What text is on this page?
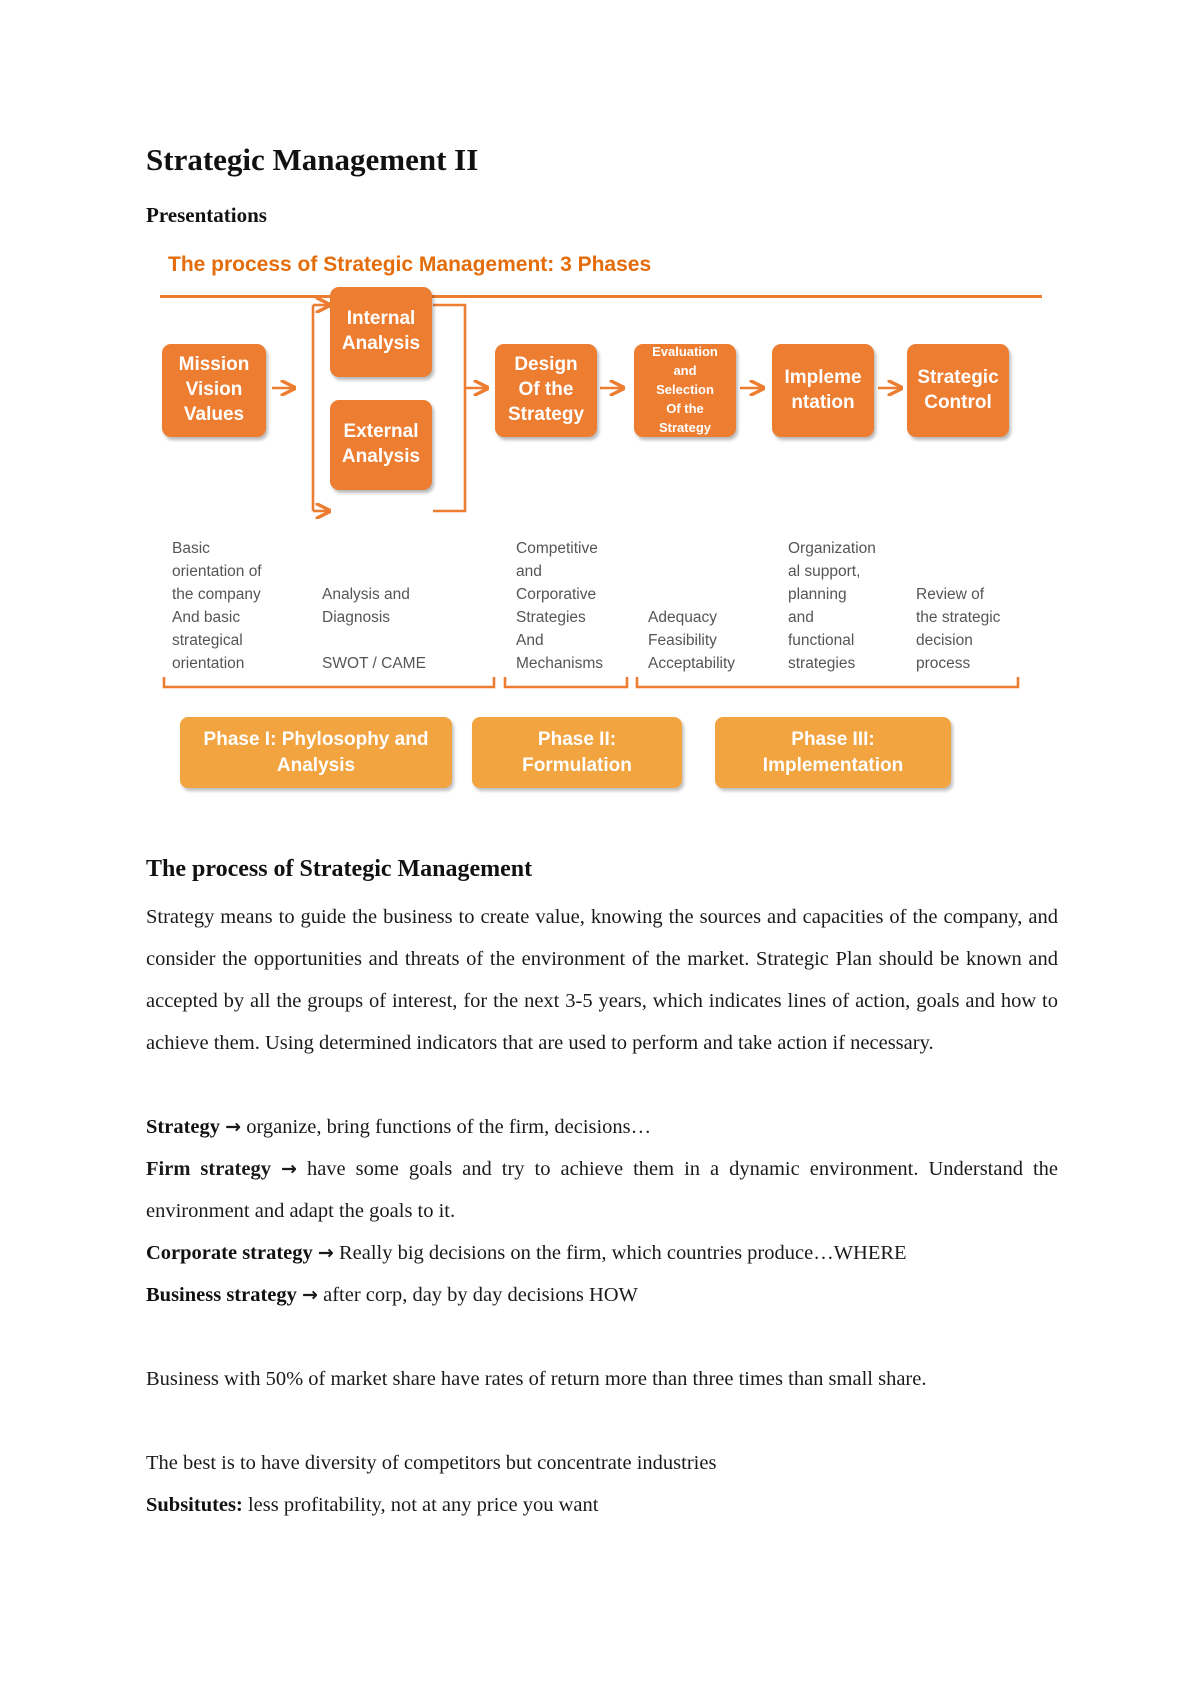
Strategic Management II
Presentations
The process of Strategic Management: 3 Phases
Mission
Vision
Values
Internal
Analysis
External
Analysis
Design
Of the
Strategy
Evaluation
and
Selection
Of the
Strategy
Impleme
ntation
Strategic
Control
Basic
orientation of
the company
And basic
strategical
orientation
Analysis and
Diagnosis

SWOT / CAME
Competitive
and
Corporative
Strategies
And
Mechanisms
Adequacy
Feasibility
Acceptability
Organization
al support,
planning
and
functional
strategies
Review of
the strategic
decision
process
Phase I: Phylosophy and
Analysis
Phase II:
Formulation
Phase III:
Implementation
The process of Strategic Management

Strategy means to guide the business to create value, knowing the sources and capacities of the company, and consider the opportunities and threats of the environment of the market. Strategic Plan should be known and accepted by all the groups of interest, for the next 3-5 years, which indicates lines of action, goals and how to achieve them. Using determined indicators that are used to perform and take action if necessary.

Strategy → organize, bring functions of the firm, decisions…

Firm strategy → have some goals and try to achieve them in a dynamic environment. Understand the environment and adapt the goals to it.

Corporate strategy → Really big decisions on the firm, which countries produce…WHERE

Business strategy → after corp, day by day decisions HOW

Business with 50% of market share have rates of return more than three times than small share.

The best is to have diversity of competitors but concentrate industries

Subsitutes: less profitability, not at any price you want
